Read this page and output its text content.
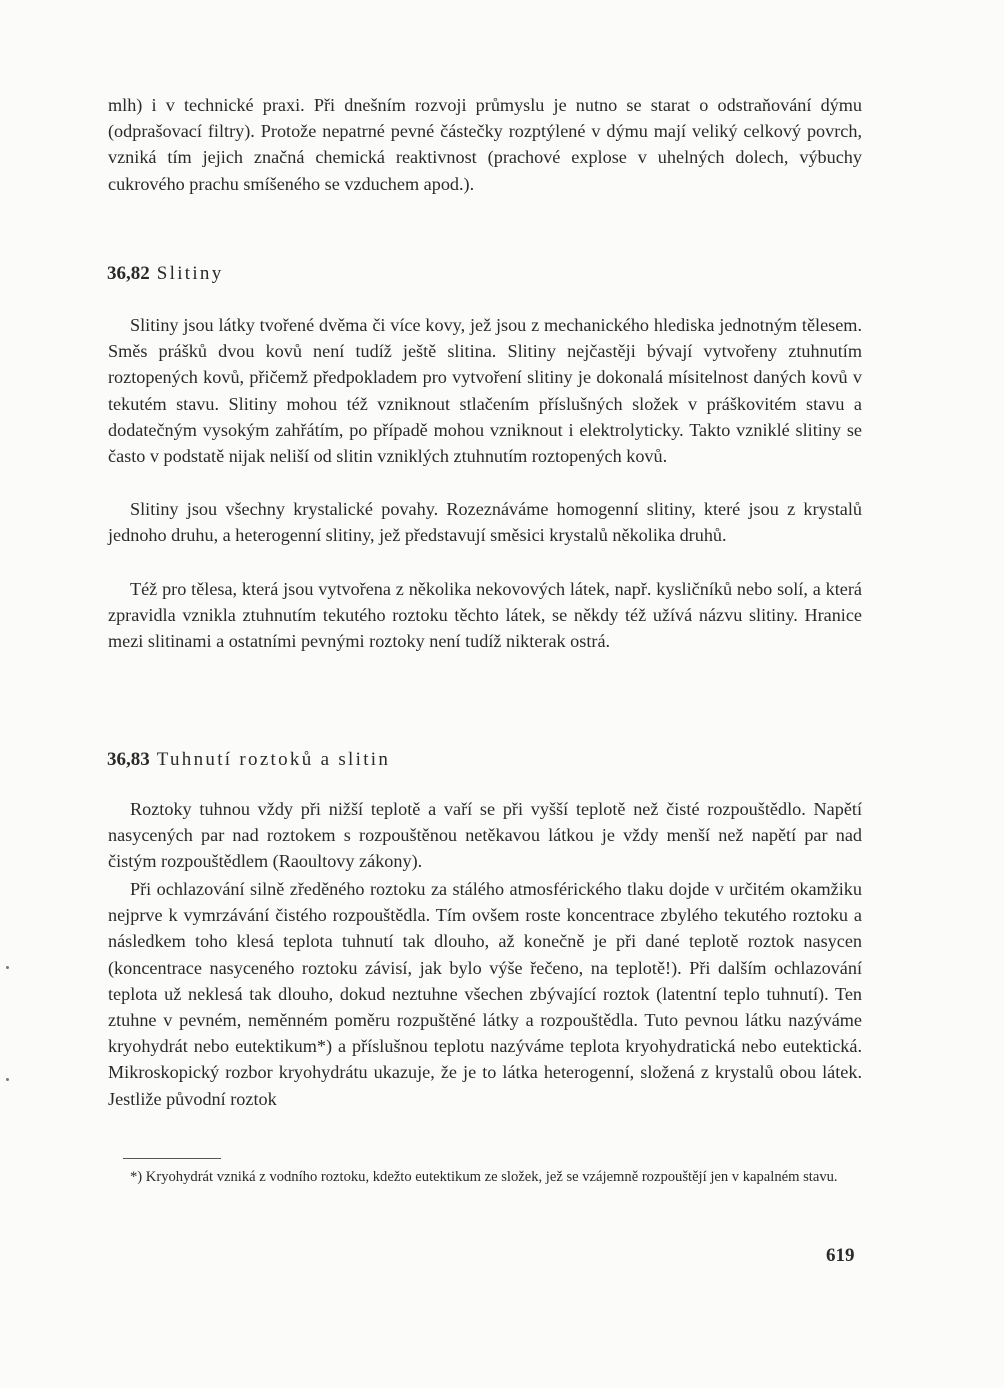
mlh) i v technické praxi. Při dnešním rozvoji průmyslu je nutno se starat o odstraňování dýmu (odprašovací filtry). Protože nepatrné pevné částečky rozptýlené v dýmu mají veliký celkový povrch, vzniká tím jejich značná chemická reaktivnost (prachové explose v uhelných dolech, výbuchy cukrového prachu smíšeného se vzduchem apod.).

36,82 Slitiny

Slitiny jsou látky tvořené dvěma či více kovy, jež jsou z mechanického hlediska jednotným tělesem. Směs prášků dvou kovů není tudíž ještě slitina. Slitiny nejčastěji bývají vytvořeny ztuhnutím roztopených kovů, přičemž předpokladem pro vytvoření slitiny je dokonalá mísitelnost daných kovů v tekutém stavu. Slitiny mohou též vzniknout stlačením příslušných složek v práškovitém stavu a dodatečným vysokým zahřátím, po případě mohou vzniknout i elektrolyticky. Takto vzniklé slitiny se často v podstatě nijak neliší od slitin vzniklých ztuhnutím roztopených kovů.

Slitiny jsou všechny krystalické povahy. Rozeznáváme homogenní slitiny, které jsou z krystalů jednoho druhu, a heterogenní slitiny, jež představují směsici krystalů několika druhů.

Též pro tělesa, která jsou vytvořena z několika nekovových látek, např. kysličníků nebo solí, a která zpravidla vznikla ztuhnutím tekutého roztoku těchto látek, se někdy též užívá názvu slitiny. Hranice mezi slitinami a ostatními pevnými roztoky není tudíž nikterak ostrá.

36,83 Tuhnutí roztoků a slitin

Roztoky tuhnou vždy při nižší teplotě a vaří se při vyšší teplotě než čisté rozpouštědlo. Napětí nasycených par nad roztokem s rozpouštěnou netěkavou látkou je vždy menší než napětí par nad čistým rozpouštědlem (Raoultovy zákony).

Při ochlazování silně zředěného roztoku za stálého atmosférického tlaku dojde v určitém okamžiku nejprve k vymrzávání čistého rozpouštědla. Tím ovšem roste koncentrace zbylého tekutého roztoku a následkem toho klesá teplota tuhnutí tak dlouho, až konečně je při dané teplotě roztok nasycen (koncentrace nasyceného roztoku závisí, jak bylo výše řečeno, na teplotě!). Při dalším ochlazování teplota už neklesá tak dlouho, dokud neztuhne všechen zbývající roztok (latentní teplo tuhnutí). Ten ztuhne v pevném, neměnném poměru rozpuštěné látky a rozpouštědla. Tuto pevnou látku nazýváme kryohydrát nebo eutektikum*) a příslušnou teplotu nazýváme teplota kryohydratická nebo eutektická. Mikroskopický rozbor kryohydrátu ukazuje, že je to látka heterogenní, složená z krystalů obou látek. Jestliže původní roztok

*) Kryohydrát vzniká z vodního roztoku, kdežto eutektikum ze složek, jež se vzájemně rozpouštějí jen v kapalném stavu.

619
